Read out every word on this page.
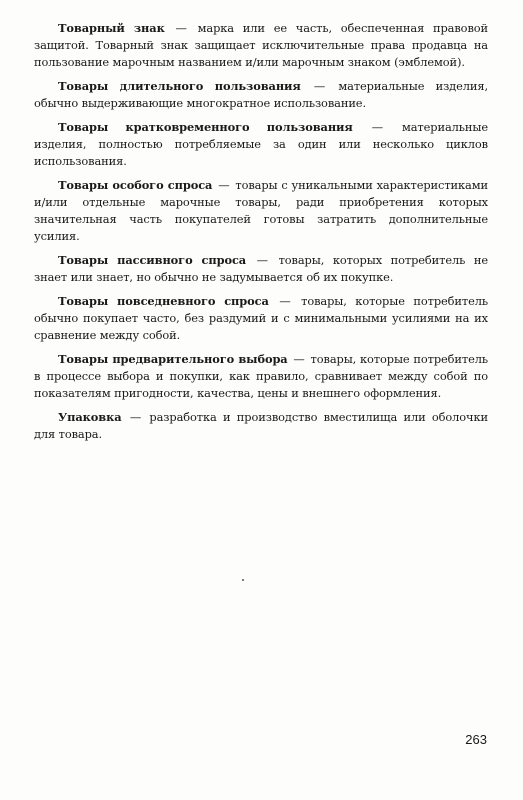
Товарный знак — марка или ее часть, обеспеченная правовой защитой. Товарный знак защищает исключительные права продавца на пользование марочным названием и/или марочным знаком (эмблемой).

Товары длительного пользования — материальные изделия, обычно выдерживающие многократное использование.

Товары кратковременного пользования — материальные изделия, полностью потребляемые за один или несколько циклов использования.

Товары особого спроса — товары с уникальными характеристиками и/или отдельные марочные товары, ради приобретения которых значительная часть покупателей готовы затратить дополнительные усилия.

Товары пассивного спроса — товары, которых потребитель не знает или знает, но обычно не задумывается об их покупке.

Товары повседневного спроса — товары, которые потребитель обычно покупает часто, без раздумий и с минимальными усилиями на их сравнение между собой.

Товары предварительного выбора — товары, которые потребитель в процессе выбора и покупки, как правило, сравнивает между собой по показателям пригодности, качества, цены и внешнего оформления.

Упаковка — разработка и производство вместилища или оболочки для товара.

263
